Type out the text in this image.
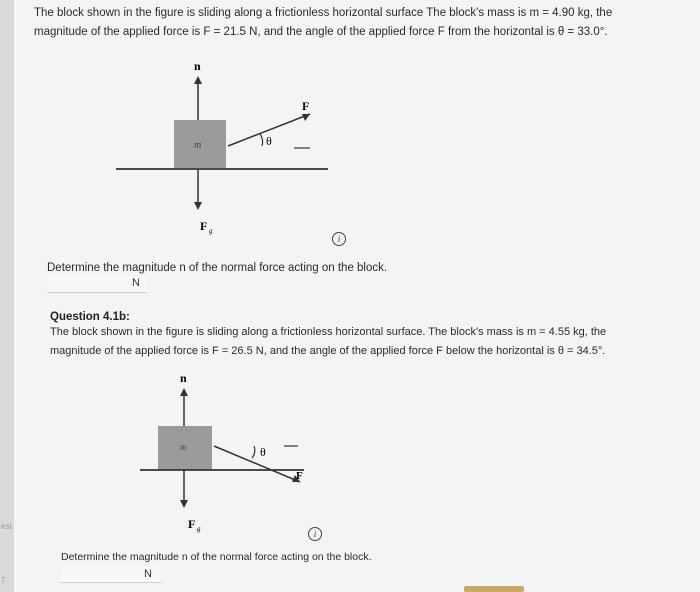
est
7
The block shown in the figure is sliding along a frictionless horizontal surface The block's mass is m = 4.90 kg, the
magnitude of the applied force is F = 21.5 N, and the angle of the applied force F from the horizontal is θ = 33.0°.
n
m
F
θ
F g
i
Determine the magnitude n of the normal force acting on the block.
N
Question 4.1b:
The block shown in the figure is sliding along a frictionless horizontal surface. The block's mass is m = 4.55 kg, the
magnitude of the applied force is F = 26.5 N, and the angle of the applied force F below the horizontal is θ = 34.5°.
n
m
F
θ
F g	i
Determine the magnitude n of the normal force acting on the block.
N
